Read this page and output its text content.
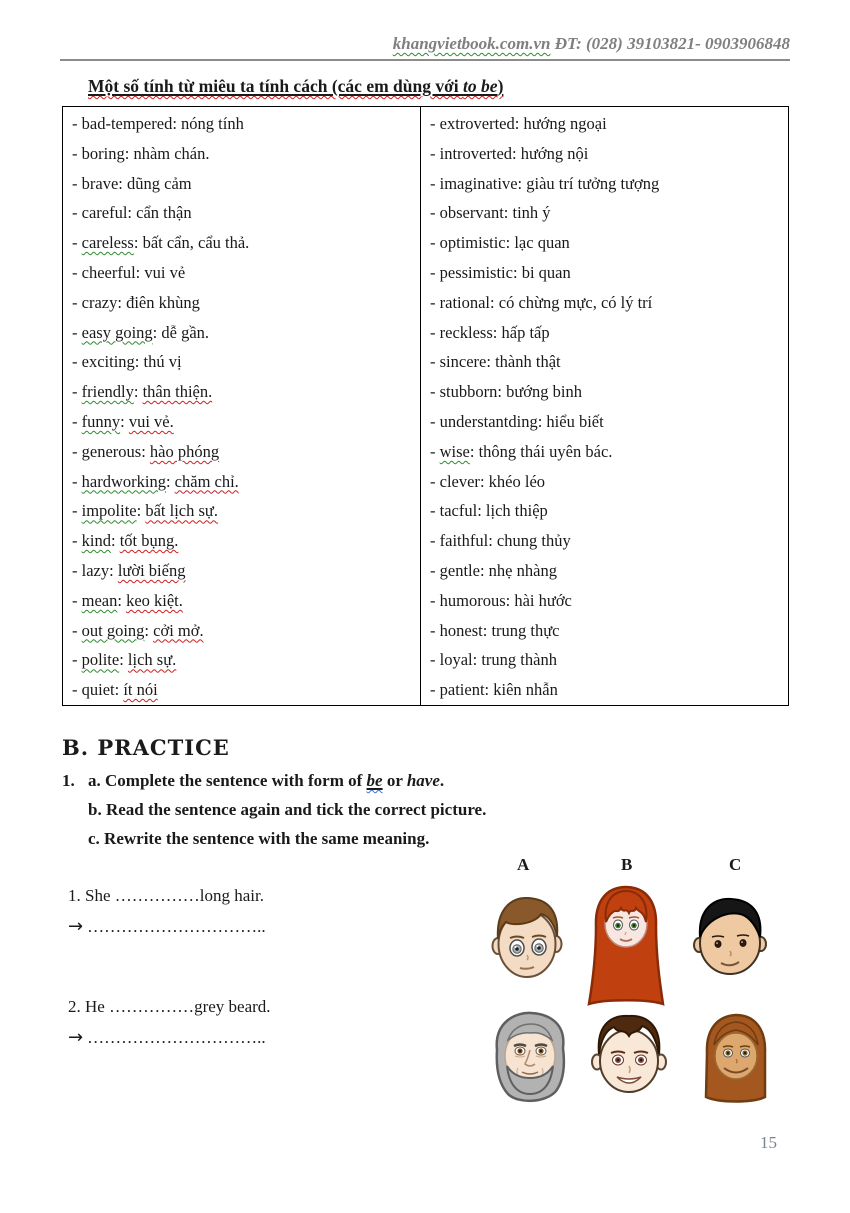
khangvietbook.com.vn ĐT: (028) 39103821- 0903906848
Một số tính từ miêu ta tính cách (các em dùng với to be)
- bad-tempered: nóng tính
- boring: nhàm chán.
- brave: dũng cảm
- careful: cẩn thận
- careless: bất cẩn, cẩu thả.
- cheerful: vui vẻ
- crazy: điên khùng
- easy going: dễ gần.
- exciting: thú vị
- friendly: thân thiện.
- funny: vui vẻ.
- generous: hào phóng
- hardworking: chăm chỉ.
- impolite: bất lịch sự.
- kind: tốt bụng.
- lazy: lười biếng
- mean: keo kiệt.
- out going: cởi mở.
- polite: lịch sự.
- quiet: ít nói
- extroverted: hướng ngoại
- introverted: hướng nội
- imaginative: giàu trí tưởng tượng
- observant: tinh ý
- optimistic: lạc quan
- pessimistic: bi quan
- rational: có chừng mực, có lý trí
- reckless: hấp tấp
- sincere: thành thật
- stubborn: bướng binh
- understantding: hiểu biết
- wise: thông thái uyên bác.
- clever: khéo léo
- tacful: lịch thiệp
- faithful: chung thủy
- gentle: nhẹ nhàng
- humorous: hài hước
- honest: trung thực
- loyal: trung thành
- patient: kiên nhẫn
B. PRACTICE
1. a. Complete the sentence with form of be or have.
b. Read the sentence again and tick the correct picture.
c. Rewrite the sentence with the same meaning.
A	B	C
1. She ……………long hair.
→ …………………………..
2. He ……………grey beard.
→ …………………………..
15
